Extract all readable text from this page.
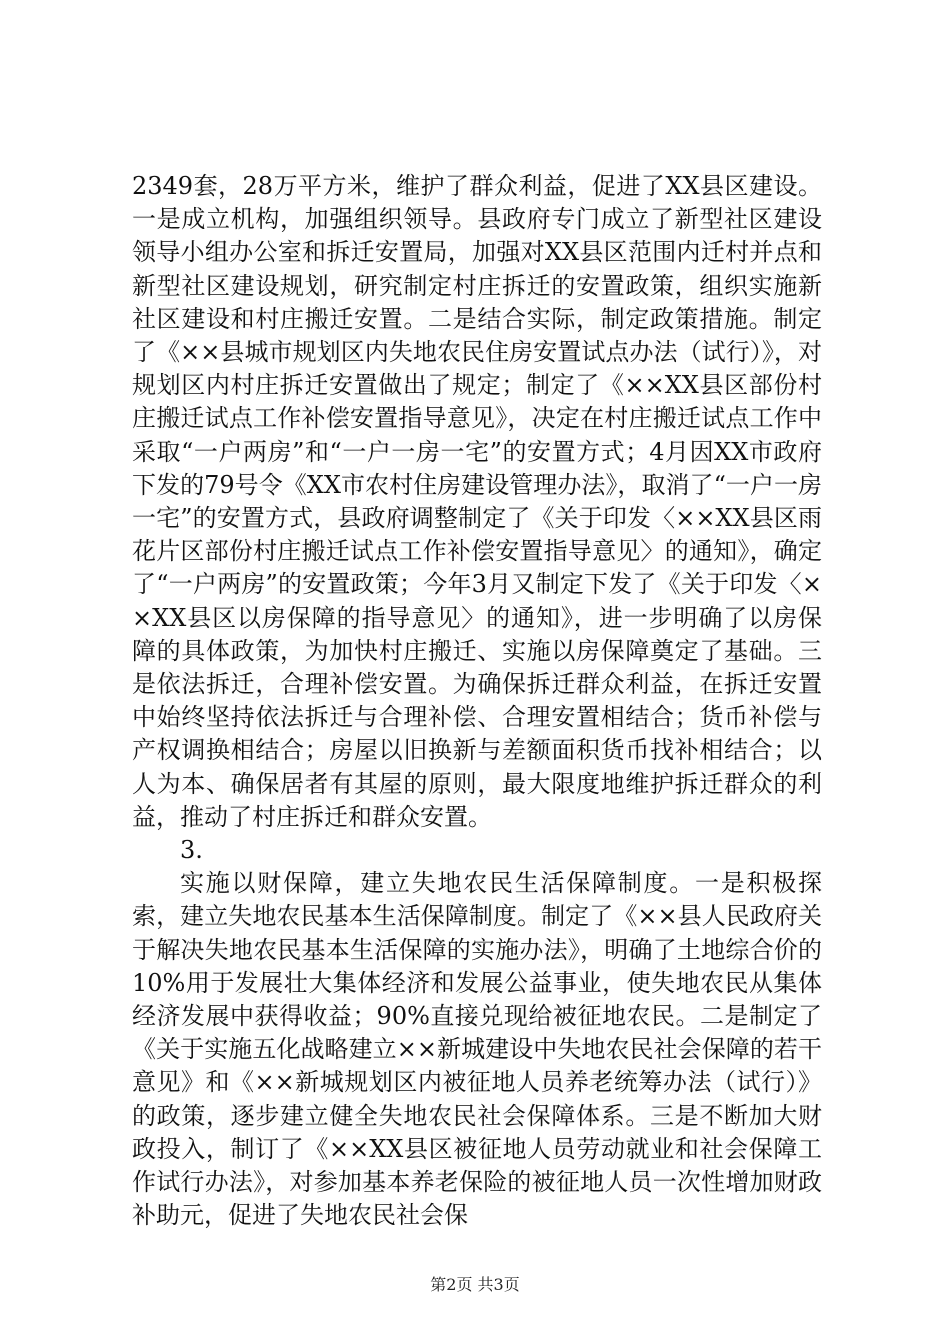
2349套，28万平方米，维护了群众利益，促进了XX县区建设。一是成立机构，加强组织领导。县政府专门成立了新型社区建设领导小组办公室和拆迁安置局，加强对XX县区范围内迁村并点和新型社区建设规划，研究制定村庄拆迁的安置政策，组织实施新社区建设和村庄搬迁安置。二是结合实际，制定政策措施。制定了《××县城市规划区内失地农民住房安置试点办法（试行）》，对规划区内村庄拆迁安置做出了规定；制定了《××XX县区部份村庄搬迁试点工作补偿安置指导意见》，决定在村庄搬迁试点工作中采取“一户两房”和“一户一房一宅”的安置方式；4月因XX市政府下发的79号令《XX市农村住房建设管理办法》，取消了“一户一房一宅”的安置方式，县政府调整制定了《关于印发〈××XX县区雨花片区部份村庄搬迁试点工作补偿安置指导意见〉的通知》，确定了“一户两房”的安置政策；今年3月又制定下发了《关于印发〈××XX县区以房保障的指导意见〉的通知》，进一步明确了以房保障的具体政策，为加快村庄搬迁、实施以房保障奠定了基础。三是依法拆迁，合理补偿安置。为确保拆迁群众利益，在拆迁安置中始终坚持依法拆迁与合理补偿、合理安置相结合；货币补偿与产权调换相结合；房屋以旧换新与差额面积货币找补相结合；以人为本、确保居者有其屋的原则，最大限度地维护拆迁群众的利益，推动了村庄拆迁和群众安置。

3.

实施以财保障，建立失地农民生活保障制度。一是积极探索，建立失地农民基本生活保障制度。制定了《××县人民政府关于解决失地农民基本生活保障的实施办法》，明确了土地综合价的10%用于发展壮大集体经济和发展公益事业，使失地农民从集体经济发展中获得收益；90%直接兑现给被征地农民。二是制定了《关于实施五化战略建立××新城建设中失地农民社会保障的若干意见》和《××新城规划区内被征地人员养老统筹办法（试行）》的政策，逐步建立健全失地农民社会保障体系。三是不断加大财政投入，制订了《××XX县区被征地人员劳动就业和社会保障工作试行办法》，对参加基本养老保险的被征地人员一次性增加财政补助元，促进了失地农民社会保

第2页 共3页
